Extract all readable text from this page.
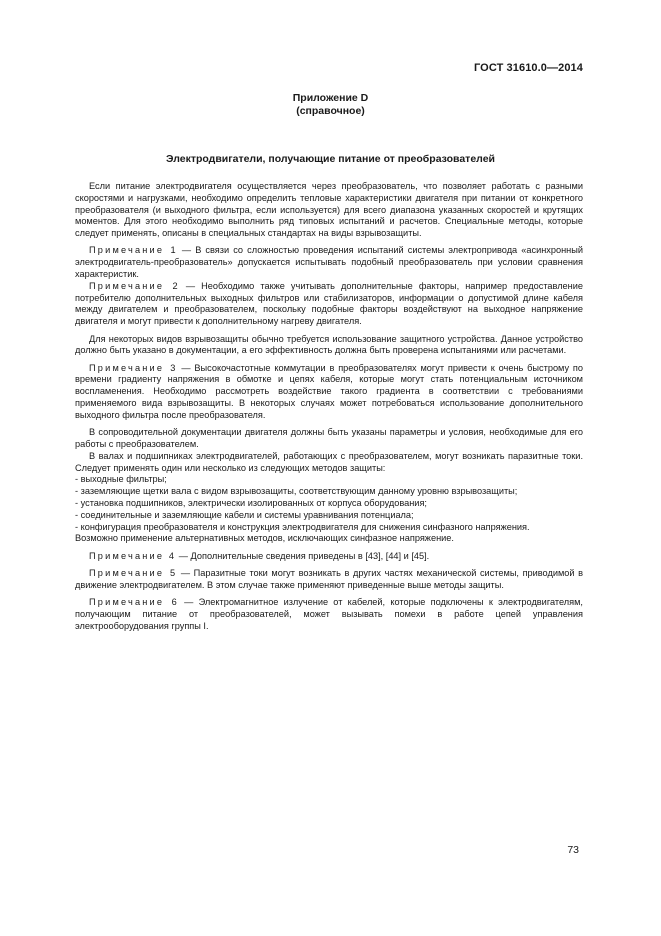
ГОСТ 31610.0—2014
Приложение D
(справочное)
Электродвигатели, получающие питание от преобразователей

Если питание электродвигателя осуществляется через преобразователь, что позволяет работать с разными скоростями и нагрузками, необходимо определить тепловые характеристики двигателя при питании от конкретного преобразователя (и выходного фильтра, если используется) для всего диапазона указанных скоростей и крутящих моментов. Для этого необходимо выполнить ряд типовых испытаний и расчетов. Специальные методы, которые следует применять, описаны в специальных стандартах на виды взрывозащиты.

Примечание 1 — В связи со сложностью проведения испытаний системы электропривода «асинхронный электродвигатель-преобразователь» допускается испытывать подобный преобразователь при условии сравнения характеристик.

Примечание 2 — Необходимо также учитывать дополнительные факторы, например предоставление потребителю дополнительных выходных фильтров или стабилизаторов, информации о допустимой длине кабеля между двигателем и преобразователем, поскольку подобные факторы воздействуют на выходное напряжение двигателя и могут привести к дополнительному нагреву двигателя.

Для некоторых видов взрывозащиты обычно требуется использование защитного устройства. Данное устройство должно быть указано в документации, а его эффективность должна быть проверена испытаниями или расчетами.

Примечание 3 — Высокочастотные коммутации в преобразователях могут привести к очень быстрому по времени градиенту напряжения в обмотке и цепях кабеля, которые могут стать потенциальным источником воспламенения. Необходимо рассмотреть воздействие такого градиента в соответствии с требованиями применяемого вида взрывозащиты. В некоторых случаях может потребоваться использование дополнительного выходного фильтра после преобразователя.

В сопроводительной документации двигателя должны быть указаны параметры и условия, необходимые для его работы с преобразователем.

В валах и подшипниках электродвигателей, работающих с преобразователем, могут возникать паразитные токи. Следует применять один или несколько из следующих методов защиты:

- выходные фильтры;
- заземляющие щетки вала с видом взрывозащиты, соответствующим данному уровню взрывозащиты;
- установка подшипников, электрически изолированных от корпуса оборудования;
- соединительные и заземляющие кабели и системы уравнивания потенциала;
- конфигурация преобразователя и конструкция электродвигателя для снижения синфазного напряжения.

Возможно применение альтернативных методов, исключающих синфазное напряжение.

Примечание 4 — Дополнительные сведения приведены в [43], [44] и [45].

Примечание 5 — Паразитные токи могут возникать в других частях механической системы, приводимой в движение электродвигателем. В этом случае также применяют приведенные выше методы защиты.

Примечание 6 — Электромагнитное излучение от кабелей, которые подключены к электродвигателям, получающим питание от преобразователей, может вызывать помехи в работе цепей управления электрооборудования группы I.

73
